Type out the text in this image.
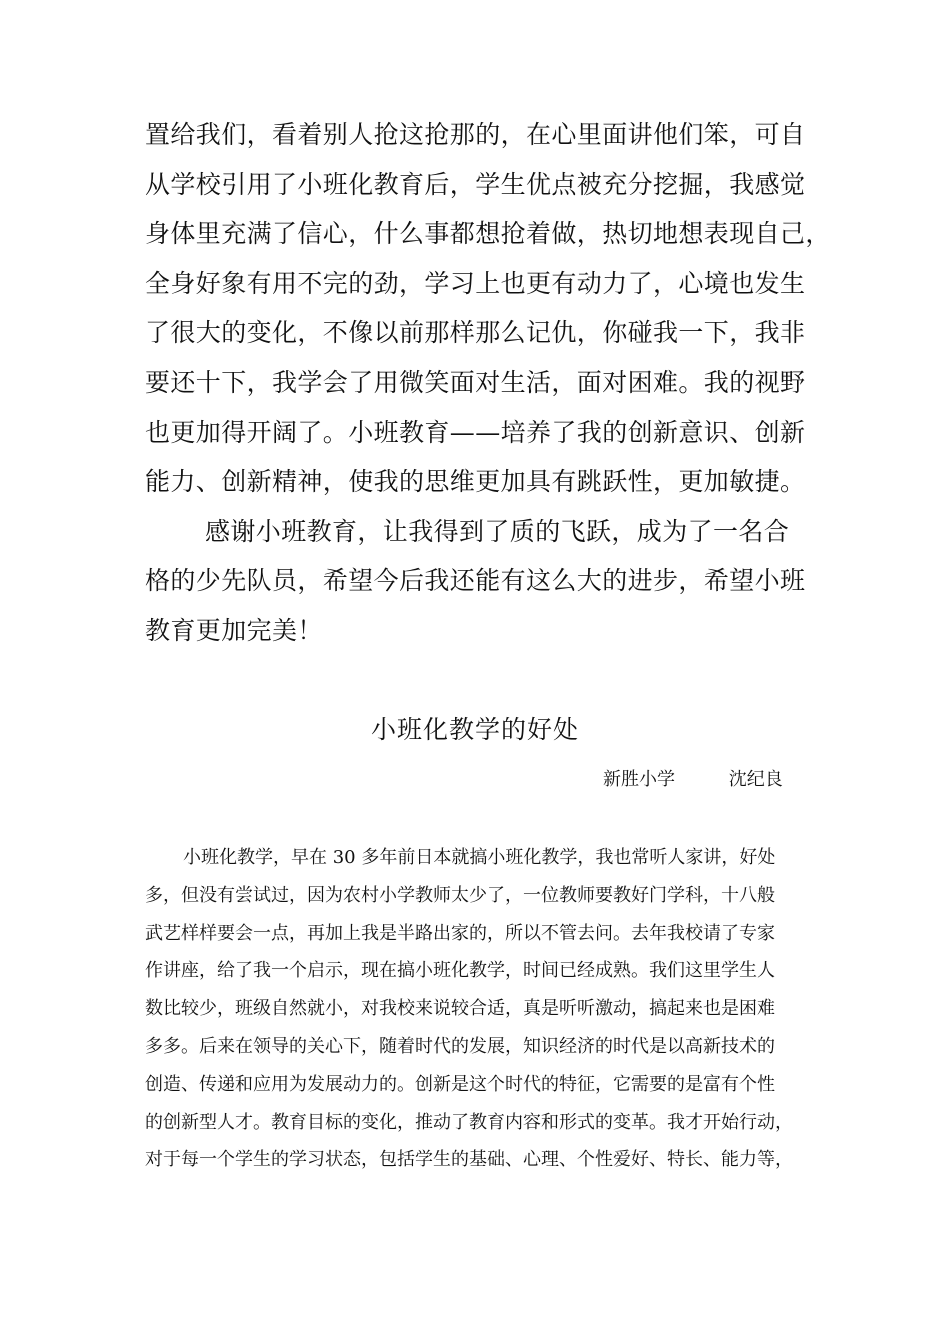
置给我们，看着别人抢这抢那的，在心里面讲他们笨，可自
从学校引用了小班化教育后，学生优点被充分挖掘，我感觉
身体里充满了信心，什么事都想抢着做，热切地想表现自己，
全身好象有用不完的劲，学习上也更有动力了，心境也发生
了很大的变化，不像以前那样那么记仇，你碰我一下，我非
要还十下，我学会了用微笑面对生活，面对困难。我的视野
也更加得开阔了。小班教育——培养了我的创新意识、创新
能力、创新精神，使我的思维更加具有跳跃性，更加敏捷。
感谢小班教育，让我得到了质的飞跃，成为了一名合
格的少先队员，希望今后我还能有这么大的进步，希望小班
教育更加完美！
小班化教学的好处
新胜小学	沈纪良
小班化教学，早在 30 多年前日本就搞小班化教学，我也常听人家讲，好处
多，但没有尝试过，因为农村小学教师太少了，一位教师要教好门学科，十八般
武艺样样要会一点，再加上我是半路出家的，所以不管去问。去年我校请了专家
作讲座，给了我一个启示，现在搞小班化教学，时间已经成熟。我们这里学生人
数比较少，班级自然就小，对我校来说较合适，真是听听激动，搞起来也是困难
多多。后来在领导的关心下，随着时代的发展，知识经济的时代是以高新技术的
创造、传递和应用为发展动力的。创新是这个时代的特征，它需要的是富有个性
的创新型人才。教育目标的变化，推动了教育内容和形式的变革。我才开始行动，
对于每一个学生的学习状态，包括学生的基础、心理、个性爱好、特长、能力等，
